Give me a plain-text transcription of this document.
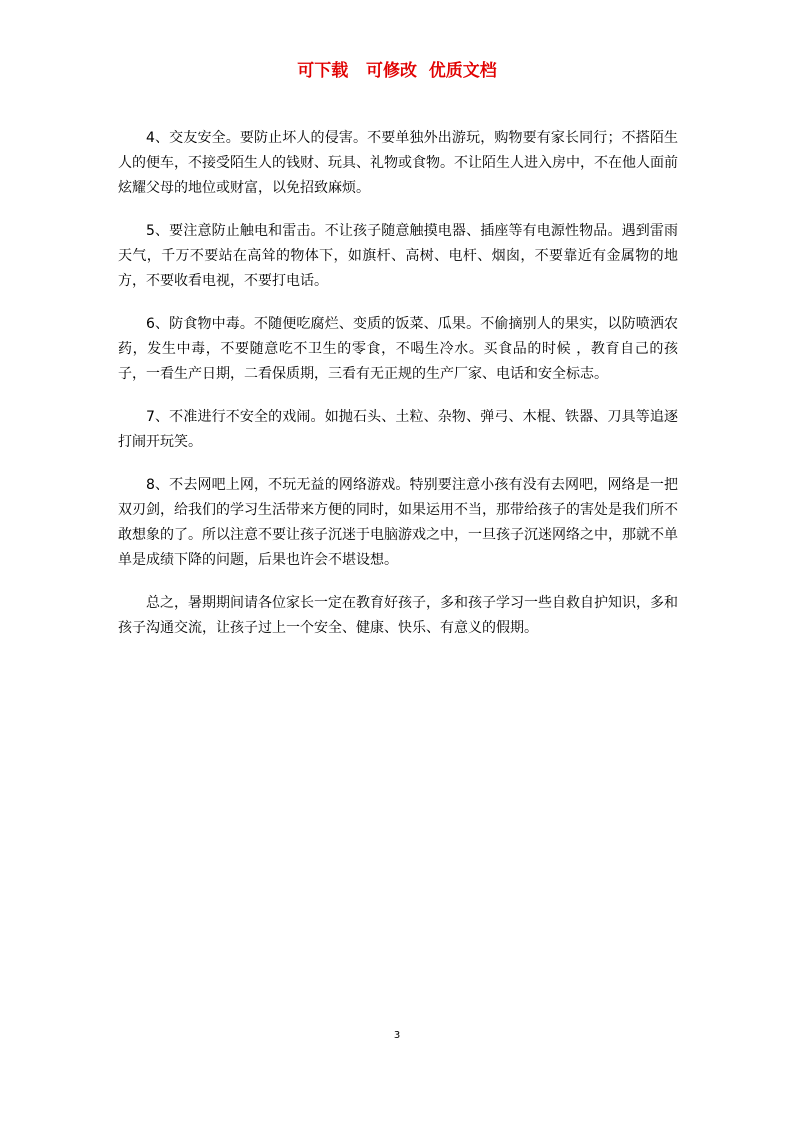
可下载   可修改  优质文档

4、交友安全。要防止坏人的侵害。不要单独外出游玩，购物要有家长同行；不搭陌生人的便车，不接受陌生人的钱财、玩具、礼物或食物。不让陌生人进入房中，不在他人面前炫耀父母的地位或财富，以免招致麻烦。

5、要注意防止触电和雷击。不让孩子随意触摸电器、插座等有电源性物品。遇到雷雨天气，千万不要站在高耸的物体下，如旗杆、高树、电杆、烟囱，不要靠近有金属物的地方，不要收看电视，不要打电话。

6、防食物中毒。不随便吃腐烂、变质的饭菜、瓜果。不偷摘别人的果实，以防喷洒农药，发生中毒，不要随意吃不卫生的零食，不喝生冷水。买食品的时候 ，教育自己的孩子，一看生产日期，二看保质期，三看有无正规的生产厂家、电话和安全标志。

7、不准进行不安全的戏闹。如抛石头、土粒、杂物、弹弓、木棍、铁器、刀具等追逐打闹开玩笑。

8、不去网吧上网，不玩无益的网络游戏。特别要注意小孩有没有去网吧，网络是一把双刃剑，给我们的学习生活带来方便的同时，如果运用不当，那带给孩子的害处是我们所不敢想象的了。所以注意不要让孩子沉迷于电脑游戏之中，一旦孩子沉迷网络之中，那就不单单是成绩下降的问题，后果也许会不堪设想。

总之，暑期期间请各位家长一定在教育好孩子，多和孩子学习一些自救自护知识，多和孩子沟通交流，让孩子过上一个安全、健康、快乐、有意义的假期。

3
